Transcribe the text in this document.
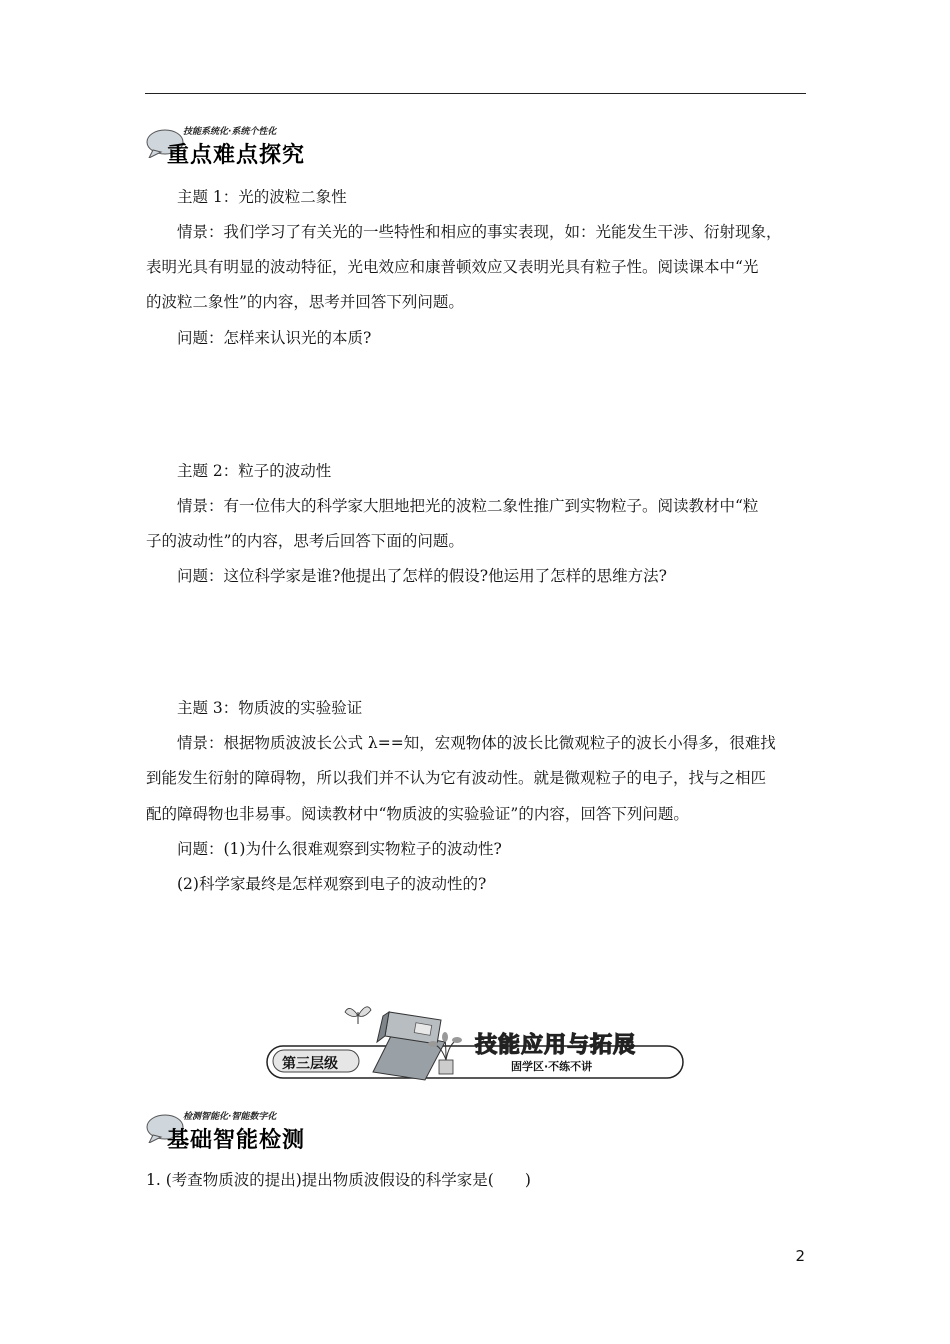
技能系统化·系统个性化
重点难点探究
主题 1：光的波粒二象性
情景：我们学习了有关光的一些特性和相应的事实表现，如：光能发生干涉、衍射现象，
表明光具有明显的波动特征，光电效应和康普顿效应又表明光具有粒子性。阅读课本中“光
的波粒二象性”的内容，思考并回答下列问题。
问题：怎样来认识光的本质?
主题 2：粒子的波动性
情景：有一位伟大的科学家大胆地把光的波粒二象性推广到实物粒子。阅读教材中“粒
子的波动性”的内容，思考后回答下面的问题。
问题：这位科学家是谁?他提出了怎样的假设?他运用了怎样的思维方法?
主题 3：物质波的实验验证
情景：根据物质波波长公式 λ==知，宏观物体的波长比微观粒子的波长小得多，很难找
到能发生衍射的障碍物，所以我们并不认为它有波动性。就是微观粒子的电子，找与之相匹
配的障碍物也非易事。阅读教材中“物质波的实验验证”的内容，回答下列问题。
问题：(1)为什么很难观察到实物粒子的波动性?
(2)科学家最终是怎样观察到电子的波动性的?
第三层级
技能应用与拓展
固学区·不练不讲
检测智能化·智能数字化
基础智能检测
1. (考查物质波的提出)提出物质波假设的科学家是(　　)
2
